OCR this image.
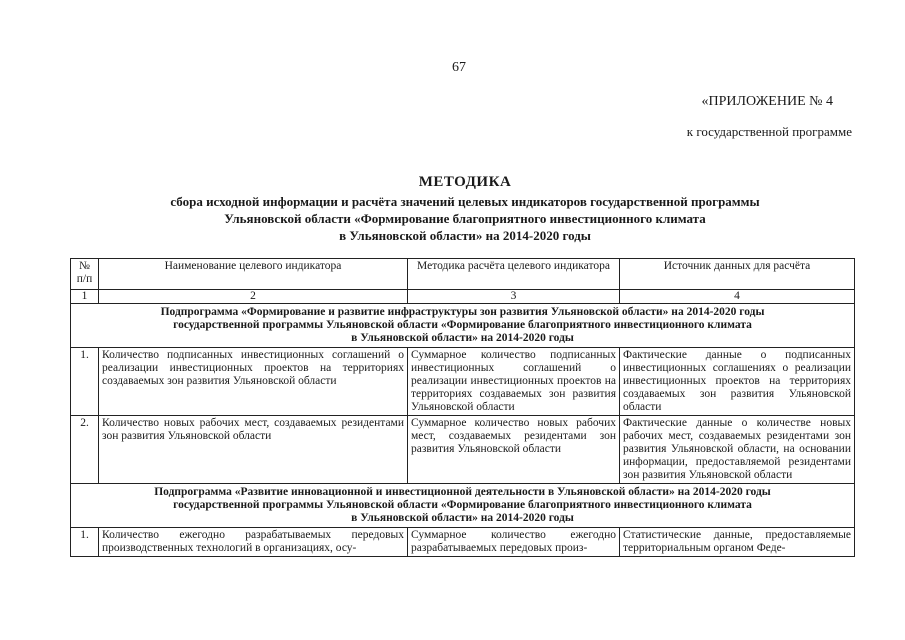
67
«ПРИЛОЖЕНИЕ № 4
к государственной программе
МЕТОДИКА
сбора исходной информации и расчёта значений целевых индикаторов государственной программы
Ульяновской области «Формирование благоприятного инвестиционного климата
в Ульяновской области» на 2014-2020 годы
№ п/п	Наименование целевого индикатора	Методика расчёта целевого индикатора	Источник данных для расчёта
1	2	3	4

Подпрограмма «Формирование и развитие инфраструктуры зон развития Ульяновской области» на 2014-2020 годы
государственной программы Ульяновской области «Формирование благоприятного инвестиционного климата
в Ульяновской области» на 2014-2020 годы			

1.	Количество подписанных инвестиционных соглашений о реализации инвестиционных проектов на территориях создаваемых зон развития Ульяновской области	Суммарное количество подписанных инвестиционных соглашений о реализации инвестиционных проектов на территориях создаваемых зон развития Ульяновской области	Фактические данные о подписанных инвестиционных соглашениях о реализации инвестиционных проектов на территориях создаваемых зон развития Ульяновской области
2.	Количество новых рабочих мест, создаваемых резидентами зон развития Ульяновской области	Суммарное количество новых рабочих мест, создаваемых резидентами зон развития Ульяновской области	Фактические данные о количестве новых рабочих мест, создаваемых резидентами зон развития Ульяновской области, на основании информации, предоставляемой резидентами зон развития Ульяновской области

Подпрограмма «Развитие инновационной и инвестиционной деятельности в Ульяновской области» на 2014-2020 годы
государственной программы Ульяновской области «Формирование благоприятного инвестиционного климата
в Ульяновской области» на 2014-2020 годы			

1.	Количество ежегодно разрабатываемых передовых производственных технологий в организациях, осу-	Суммарное количество ежегодно разрабатываемых передовых произ-	Статистические данные, предоставляемые территориальным органом Феде-
